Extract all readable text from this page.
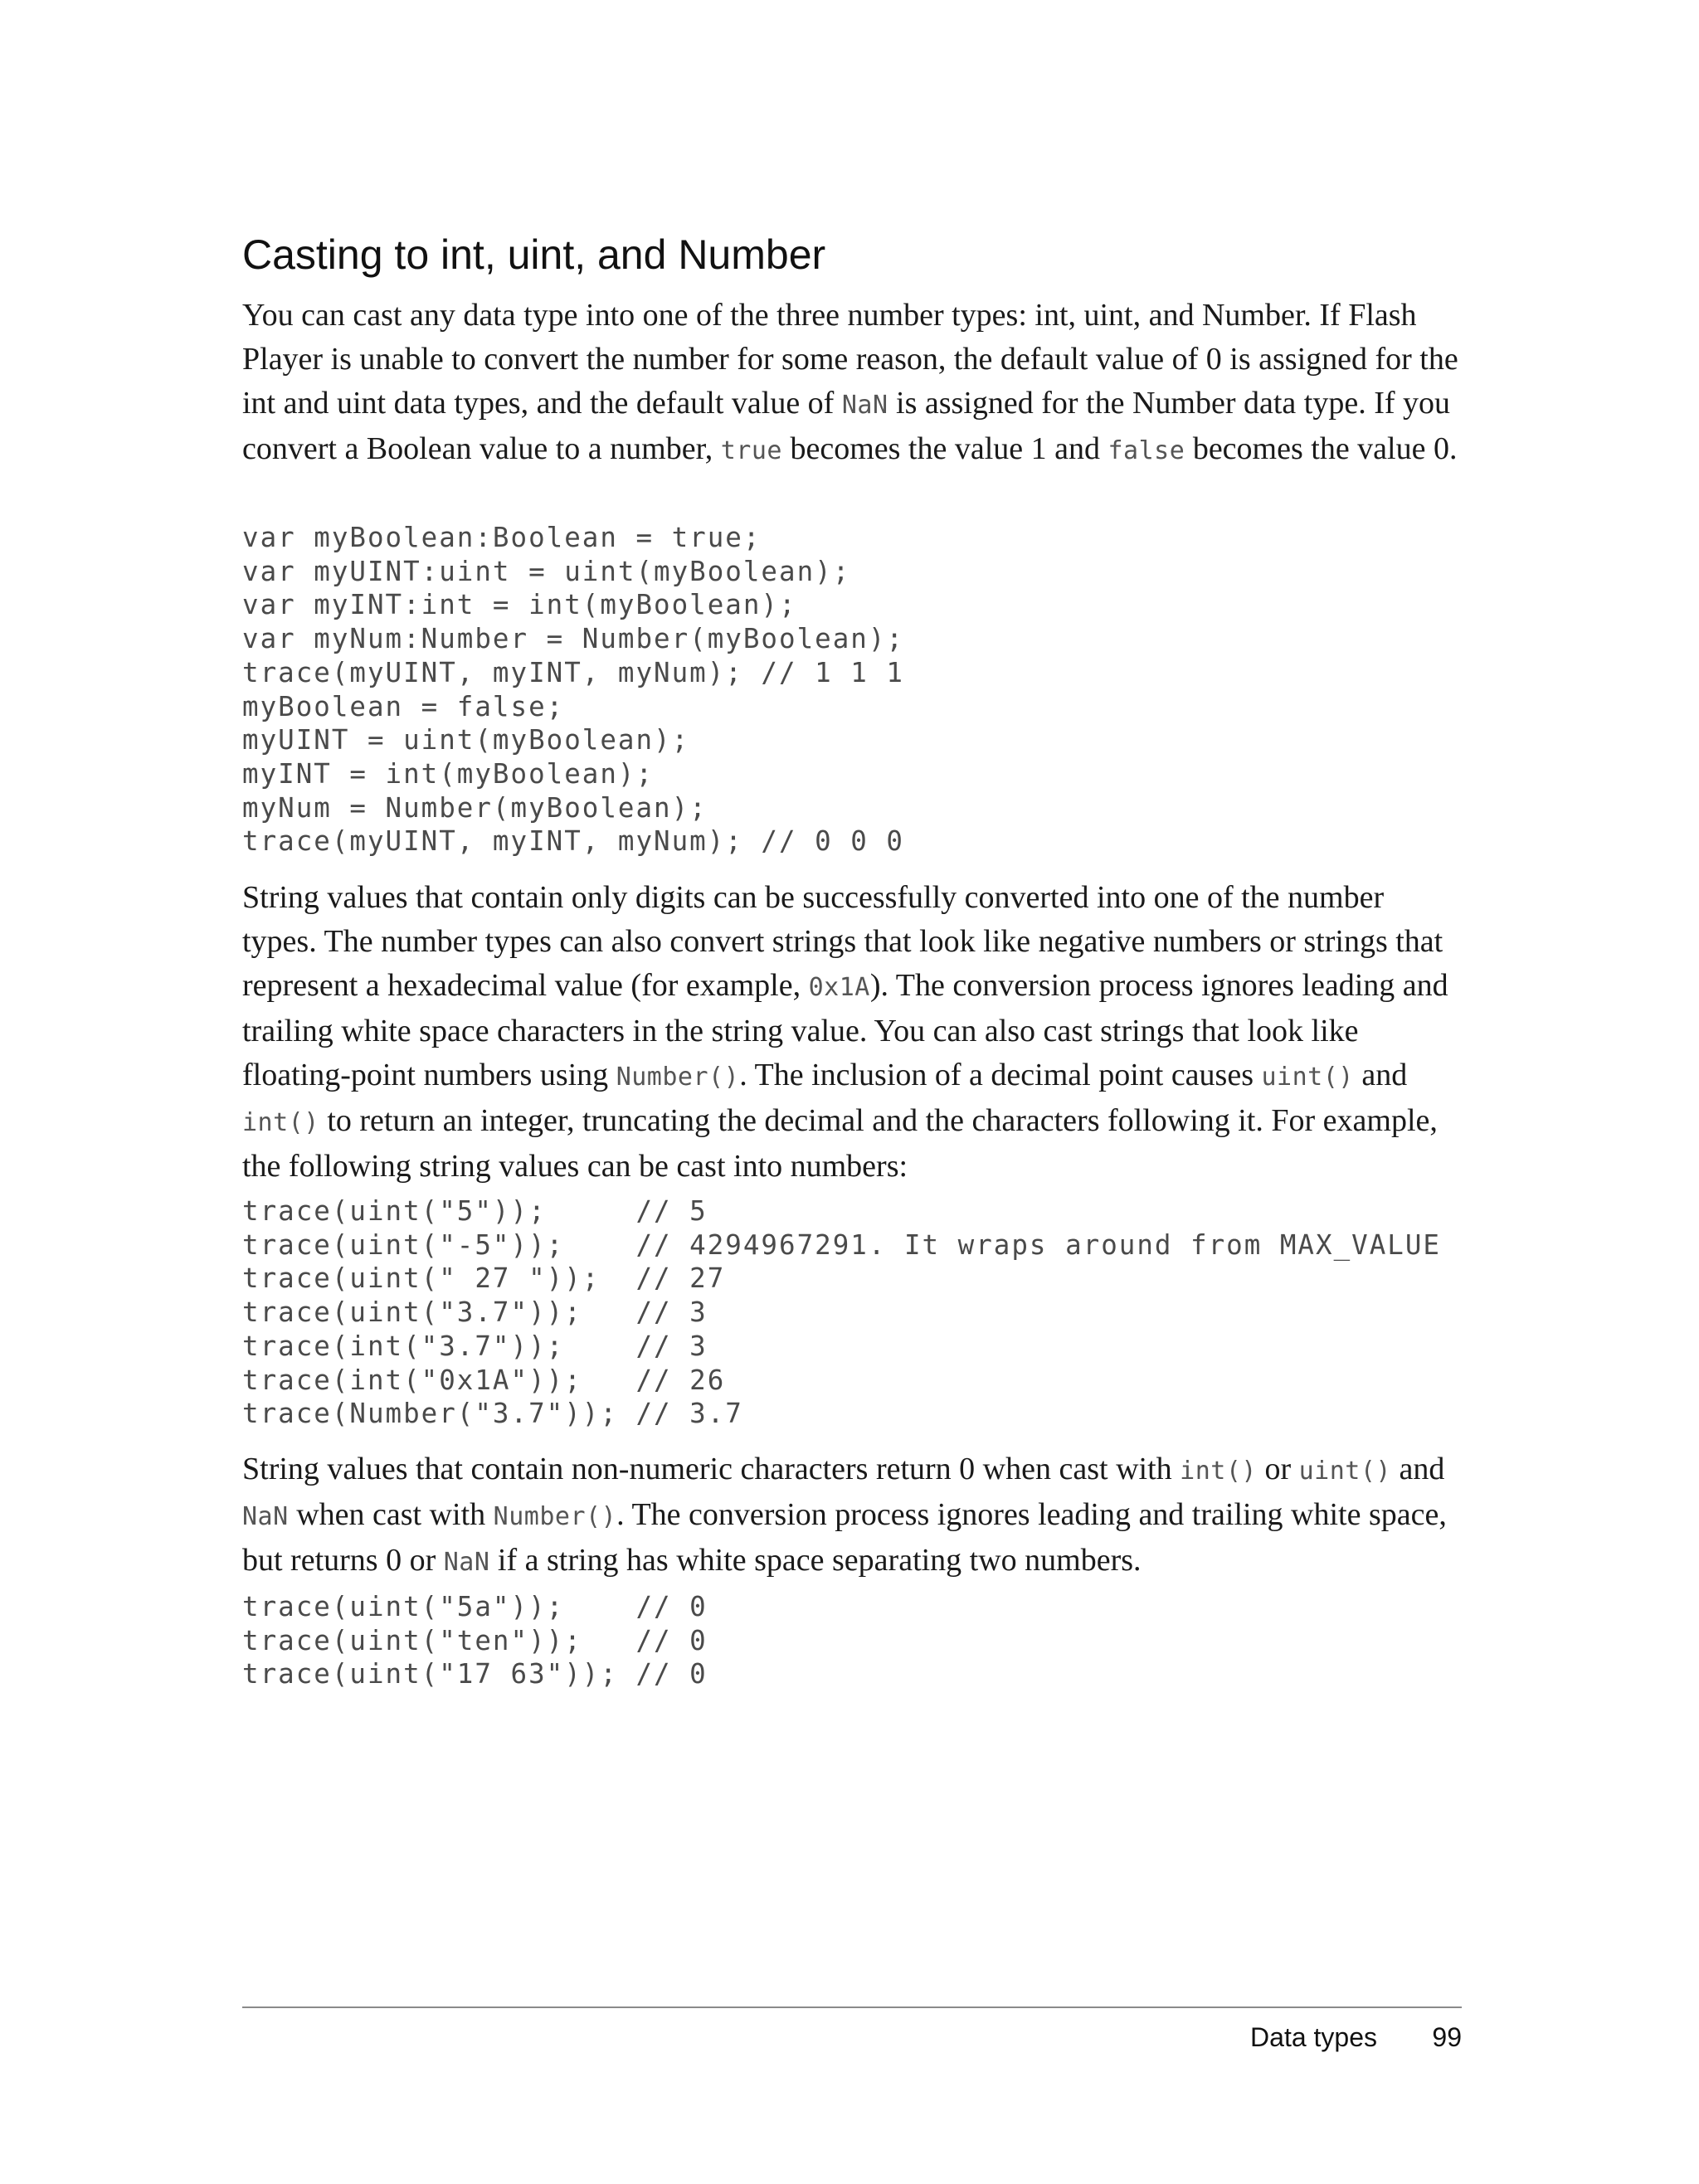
Casting to int, uint, and Number

You can cast any data type into one of the three number types: int, uint, and Number. If Flash Player is unable to convert the number for some reason, the default value of 0 is assigned for the int and uint data types, and the default value of NaN is assigned for the Number data type. If you convert a Boolean value to a number, true becomes the value 1 and false becomes the value 0.

var myBoolean:Boolean = true;
var myUINT:uint = uint(myBoolean);
var myINT:int = int(myBoolean);
var myNum:Number = Number(myBoolean);
trace(myUINT, myINT, myNum); // 1 1 1
myBoolean = false;
myUINT = uint(myBoolean);
myINT = int(myBoolean);
myNum = Number(myBoolean);
trace(myUINT, myINT, myNum); // 0 0 0

String values that contain only digits can be successfully converted into one of the number types. The number types can also convert strings that look like negative numbers or strings that represent a hexadecimal value (for example, 0x1A). The conversion process ignores leading and trailing white space characters in the string value. You can also cast strings that look like floating-point numbers using Number(). The inclusion of a decimal point causes uint() and int() to return an integer, truncating the decimal and the characters following it. For example, the following string values can be cast into numbers:

trace(uint("5"));     // 5
trace(uint("-5"));    // 4294967291. It wraps around from MAX_VALUE
trace(uint(" 27 "));  // 27
trace(uint("3.7"));   // 3
trace(int("3.7"));    // 3
trace(int("0x1A"));   // 26
trace(Number("3.7")); // 3.7

String values that contain non-numeric characters return 0 when cast with int() or uint() and NaN when cast with Number(). The conversion process ignores leading and trailing white space, but returns 0 or NaN if a string has white space separating two numbers.

trace(uint("5a"));    // 0
trace(uint("ten"));   // 0
trace(uint("17 63")); // 0
Data types	99
